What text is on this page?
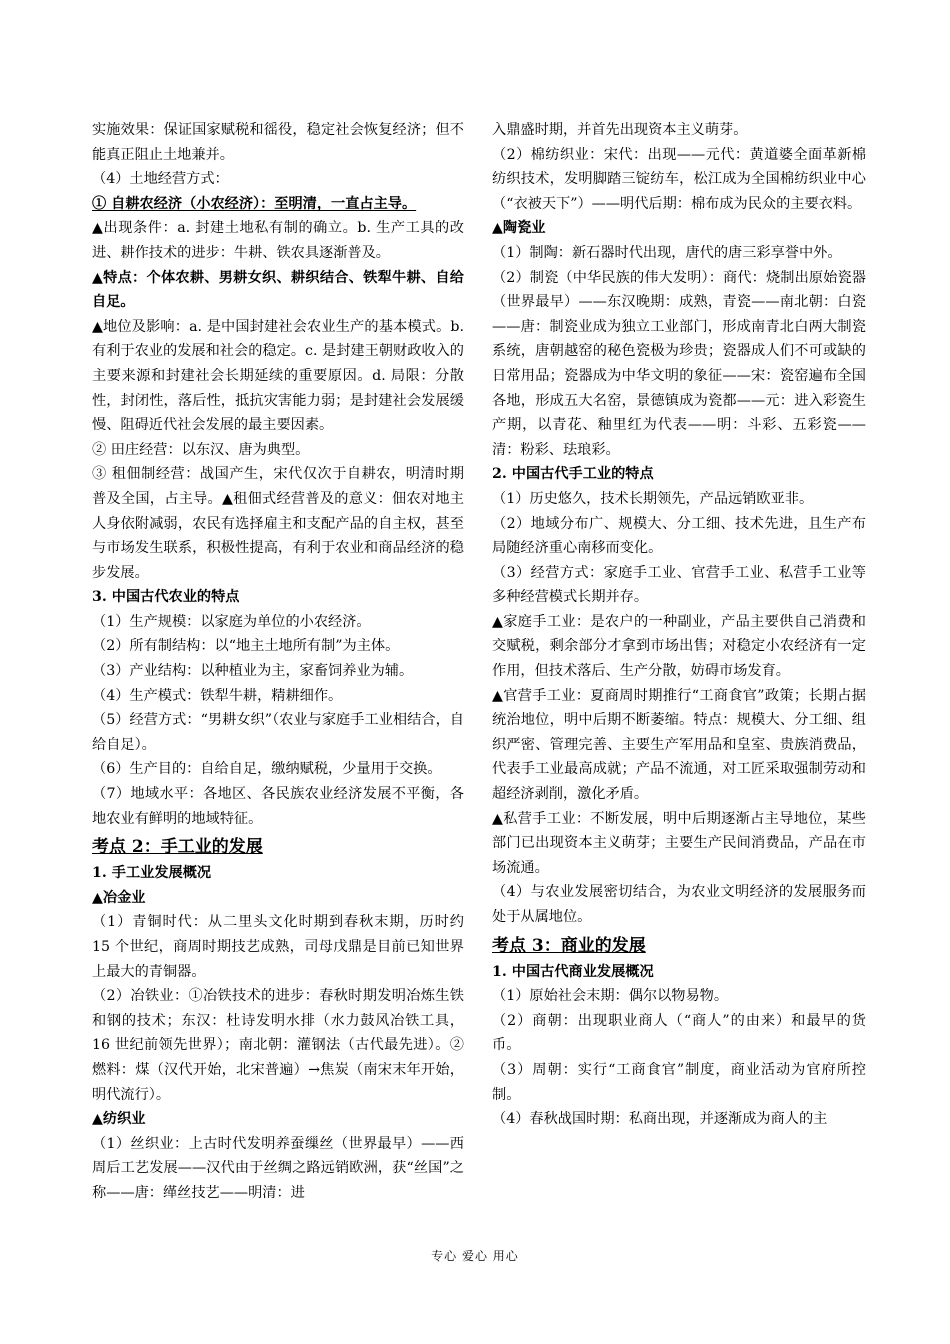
实施效果：保证国家赋税和徭役，稳定社会恢复经济；但不能真正阻止土地兼并。

（4）土地经营方式：

① 自耕农经济（小农经济）：至明清，一直占主导。

▲出现条件：a. 封建土地私有制的确立。b. 生产工具的改进、耕作技术的进步：牛耕、铁农具逐渐普及。

▲特点：个体农耕、男耕女织、耕织结合、铁犁牛耕、自给自足。

▲地位及影响：a. 是中国封建社会农业生产的基本模式。b. 有利于农业的发展和社会的稳定。c. 是封建王朝财政收入的主要来源和封建社会长期延续的重要原因。d. 局限：分散性，封闭性，落后性，抵抗灾害能力弱；是封建社会发展缓慢、阻碍近代社会发展的最主要因素。

② 田庄经营：以东汉、唐为典型。

③ 租佃制经营：战国产生，宋代仅次于自耕农，明清时期普及全国，占主导。▲租佃式经营普及的意义：佃农对地主人身依附减弱，农民有选择雇主和支配产品的自主权，甚至与市场发生联系，积极性提高，有利于农业和商品经济的稳步发展。

3. 中国古代农业的特点

（1）生产规模：以家庭为单位的小农经济。

（2）所有制结构：以“地主土地所有制”为主体。

（3）产业结构：以种植业为主，家畜饲养业为辅。

（4）生产模式：铁犁牛耕，精耕细作。

（5）经营方式：“男耕女织”（农业与家庭手工业相结合，自给自足）。

（6）生产目的：自给自足，缴纳赋税，少量用于交换。

（7）地域水平：各地区、各民族农业经济发展不平衡，各地农业有鲜明的地域特征。

考点 2：手工业的发展

1. 手工业发展概况

▲冶金业

（1）青铜时代：从二里头文化时期到春秋末期，历时约 15 个世纪，商周时期技艺成熟，司母戊鼎是目前已知世界上最大的青铜器。

（2）冶铁业：①冶铁技术的进步：春秋时期发明冶炼生铁和钢的技术；东汉：杜诗发明水排（水力鼓风冶铁工具，16 世纪前领先世界）；南北朝：灌钢法（古代最先进）。②燃料：煤（汉代开始，北宋普遍）→焦炭（南宋末年开始，明代流行）。

▲纺织业

（1）丝织业：上古时代发明养蚕缫丝（世界最早）——西周后工艺发展——汉代由于丝绸之路远销欧洲，获“丝国”之称——唐：缂丝技艺——明清：进

入鼎盛时期，并首先出现资本主义萌芽。

（2）棉纺织业：宋代：出现——元代：黄道婆全面革新棉纺织技术，发明脚踏三锭纺车，松江成为全国棉纺织业中心（“衣被天下”）——明代后期：棉布成为民众的主要衣料。

▲陶瓷业

（1）制陶：新石器时代出现，唐代的唐三彩享誉中外。

（2）制瓷（中华民族的伟大发明）：商代：烧制出原始瓷器（世界最早）——东汉晚期：成熟，青瓷——南北朝：白瓷——唐：制瓷业成为独立工业部门，形成南青北白两大制瓷系统，唐朝越窑的秘色瓷极为珍贵；瓷器成人们不可或缺的日常用品；瓷器成为中华文明的象征——宋：瓷窑遍布全国各地，形成五大名窑，景德镇成为瓷都——元：进入彩瓷生产期，以青花、釉里红为代表——明：斗彩、五彩瓷——清：粉彩、珐琅彩。

2. 中国古代手工业的特点

（1）历史悠久，技术长期领先，产品远销欧亚非。

（2）地域分布广、规模大、分工细、技术先进，且生产布局随经济重心南移而变化。

（3）经营方式：家庭手工业、官营手工业、私营手工业等多种经营模式长期并存。

▲家庭手工业：是农户的一种副业，产品主要供自己消费和交赋税，剩余部分才拿到市场出售；对稳定小农经济有一定作用，但技术落后、生产分散，妨碍市场发育。

▲官营手工业：夏商周时期推行“工商食官”政策；长期占据统治地位，明中后期不断萎缩。特点：规模大、分工细、组织严密、管理完善、主要生产军用品和皇室、贵族消费品，代表手工业最高成就；产品不流通，对工匠采取强制劳动和超经济剥削，激化矛盾。

▲私营手工业：不断发展，明中后期逐渐占主导地位，某些部门已出现资本主义萌芽；主要生产民间消费品，产品在市场流通。

（4）与农业发展密切结合，为农业文明经济的发展服务而处于从属地位。

考点 3：商业的发展

1. 中国古代商业发展概况

（1）原始社会末期：偶尔以物易物。

（2）商朝：出现职业商人（“商人”的由来）和最早的货币。

（3）周朝：实行“工商食官”制度，商业活动为官府所控制。

（4）春秋战国时期：私商出现，并逐渐成为商人的主

专心 爱心 用心
